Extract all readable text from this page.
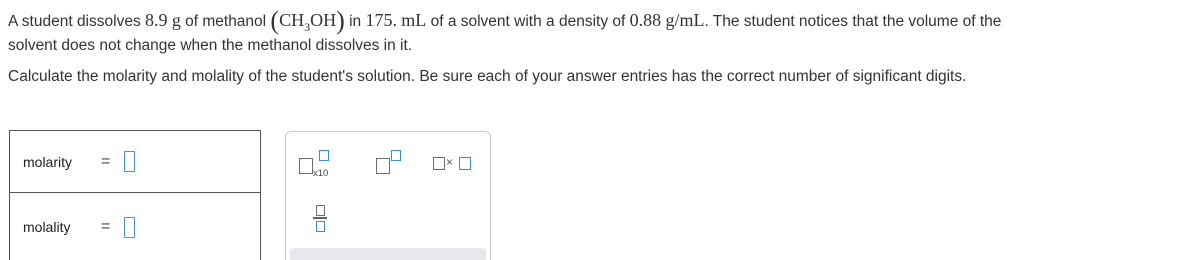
A student dissolves 8.9 g of methanol $(CH_3OH)$ in 175. mL of a solvent with a density of 0.88 g/mL. The student notices that the volume of the
solvent does not change when the methanol dissolves in it.
Calculate the molarity and molality of the student's solution. Be sure each of your answer entries has the correct number of significant digits.
molarity	=
molality	=
x10
×
